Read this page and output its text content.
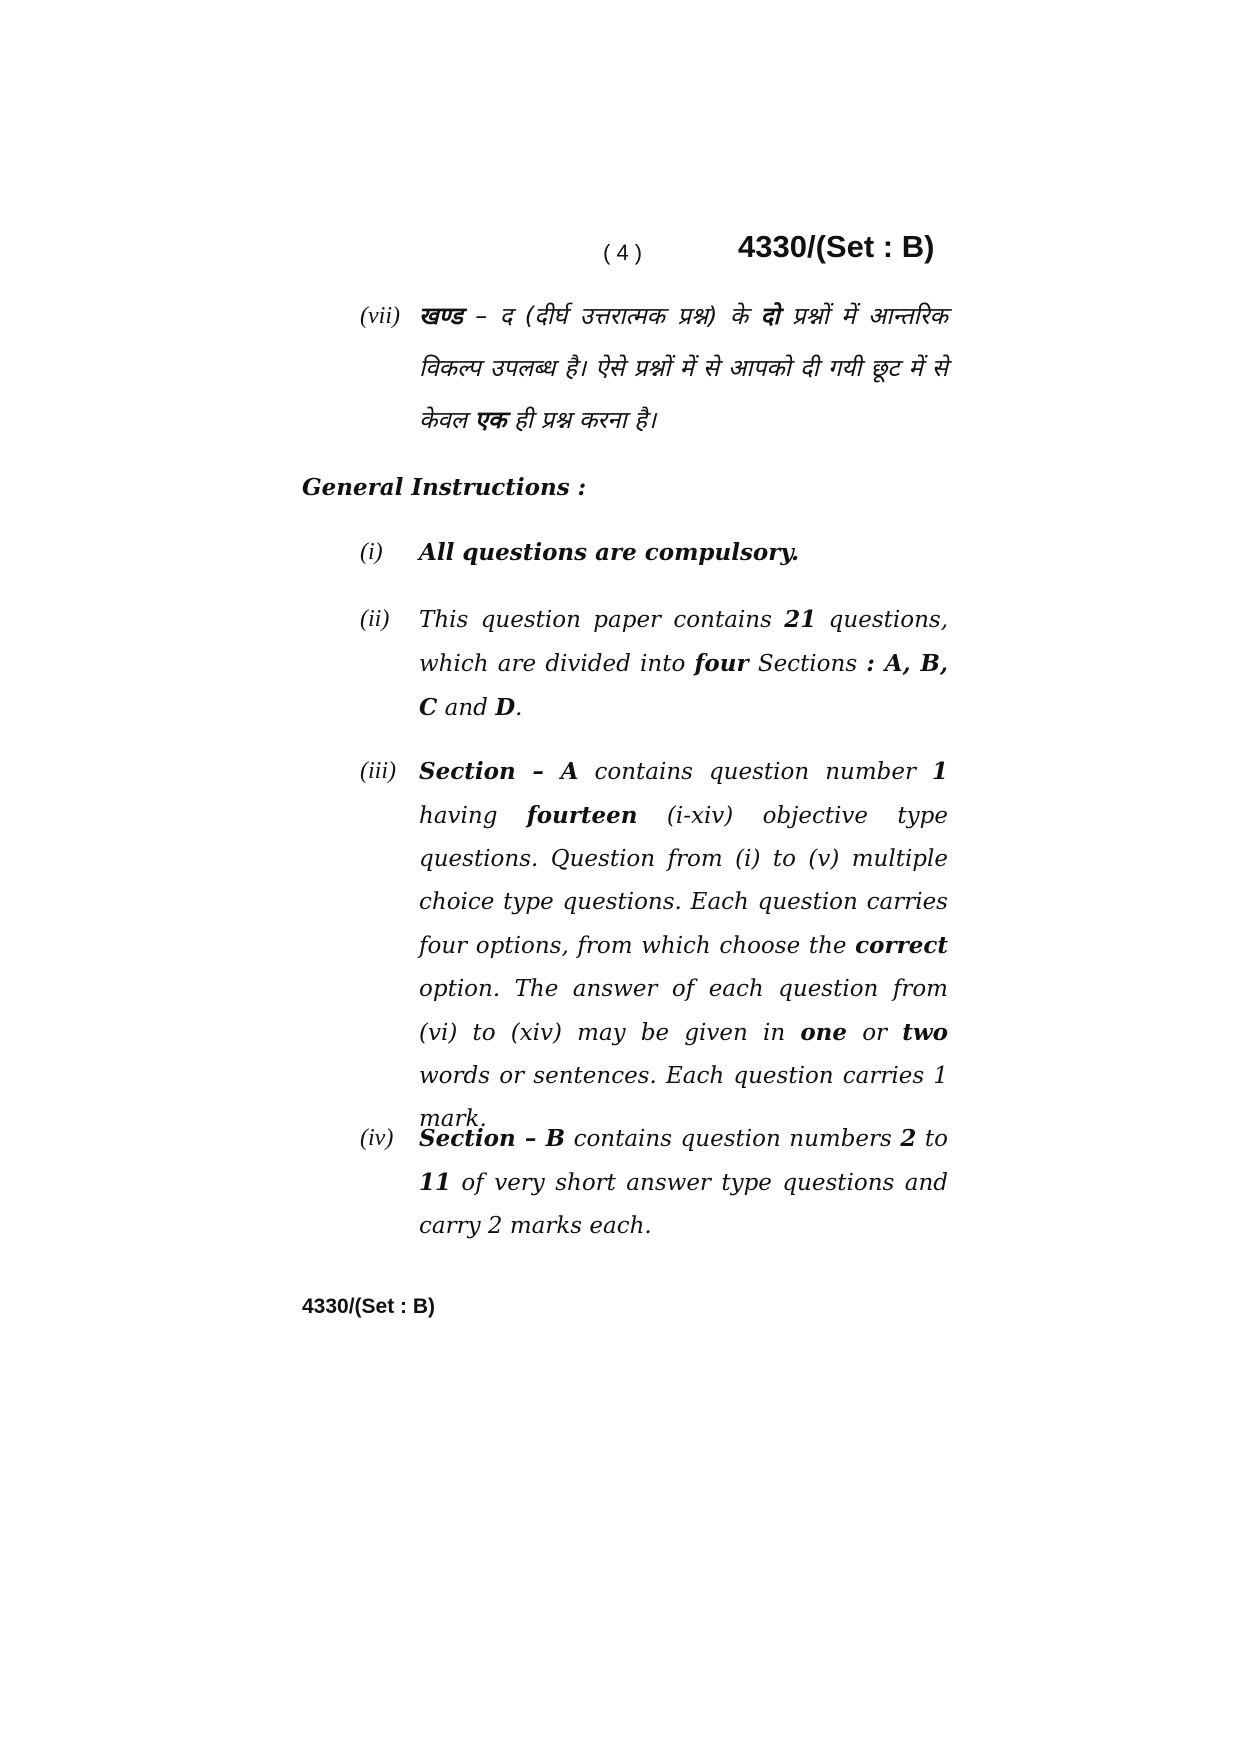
( 4 )	4330/(Set : B)
(vii) खण्ड – द (दीर्घ उत्तरात्मक प्रश्न) के दो प्रश्नों में आन्तरिक विकल्प उपलब्ध है। ऐसे प्रश्नों में से आपको दी गयी छूट में से केवल एक ही प्रश्न करना है।
General Instructions :
(i) All questions are compulsory.
(ii) This question paper contains 21 questions, which are divided into four Sections : A, B, C and D.
(iii) Section – A contains question number 1 having fourteen (i-xiv) objective type questions. Question from (i) to (v) multiple choice type questions. Each question carries four options, from which choose the correct option. The answer of each question from (vi) to (xiv) may be given in one or two words or sentences. Each question carries 1 mark.
(iv) Section – B contains question numbers 2 to 11 of very short answer type questions and carry 2 marks each.
4330/(Set : B)
